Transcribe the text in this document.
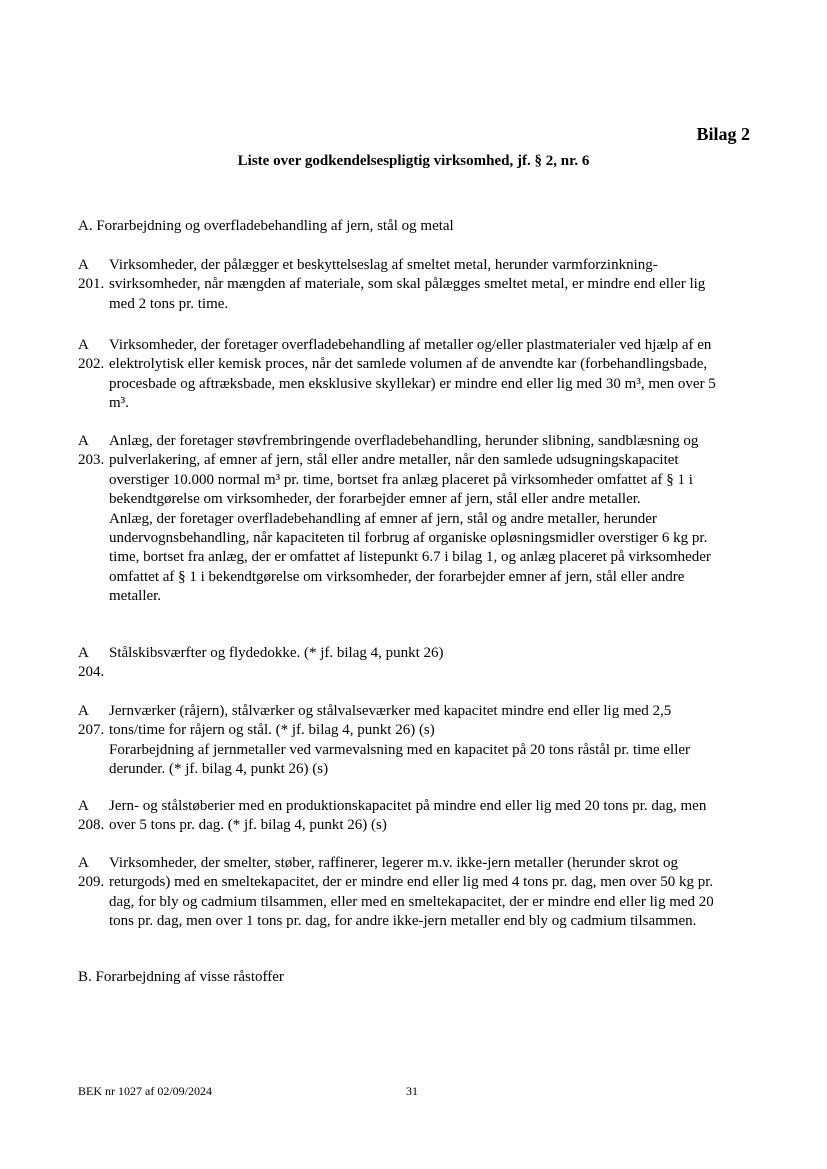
Bilag 2
Liste over godkendelsespligtig virksomhed, jf. § 2, nr. 6
A. Forarbejdning og overfladebehandling af jern, stål og metal
A 201.

Virksomheder, der pålægger et beskyttelseslag af smeltet metal, herunder varmforzinkningsvirksomheder, når mængden af materiale, som skal pålægges smeltet metal, er mindre end eller lig med 2 tons pr. time.

A 202.

Virksomheder, der foretager overfladebehandling af metaller og/eller plastmaterialer ved hjælp af en elektrolytisk eller kemisk proces, når det samlede volumen af de anvendte kar (forbehandlingsbade, procesbade og aftræksbade, men eksklusive skyllekar) er mindre end eller lig med 30 m³, men over 5 m³.

A 203.

Anlæg, der foretager støvfrembringende overfladebehandling, herunder slibning, sandblæsning og pulverlakering, af emner af jern, stål eller andre metaller, når den samlede udsugningskapacitet overstiger 10.000 normal m³ pr. time, bortset fra anlæg placeret på virksomheder omfattet af § 1 i bekendtgørelse om virksomheder, der forarbejder emner af jern, stål eller andre metaller.

Anlæg, der foretager overfladebehandling af emner af jern, stål og andre metaller, herunder undervognsbehandling, når kapaciteten til forbrug af organiske opløsningsmidler overstiger 6 kg pr. time, bortset fra anlæg, der er omfattet af listepunkt 6.7 i bilag 1, og anlæg placeret på virksomheder omfattet af § 1 i bekendtgørelse om virksomheder, der forarbejder emner af jern, stål eller andre metaller.

A 204.

Stålskibsværfter og flydedokke. (* jf. bilag 4, punkt 26)

A 207.

Jernværker (råjern), stålværker og stålvalseværker med kapacitet mindre end eller lig med 2,5 tons/time for råjern og stål. (* jf. bilag 4, punkt 26) (s)

Forarbejdning af jernmetaller ved varmevalsning med en kapacitet på 20 tons råstål pr. time eller derunder. (* jf. bilag 4, punkt 26) (s)

A 208.

Jern- og stålstøberier med en produktionskapacitet på mindre end eller lig med 20 tons pr. dag, men over 5 tons pr. dag. (* jf. bilag 4, punkt 26) (s)

A 209.

Virksomheder, der smelter, støber, raffinerer, legerer m.v. ikke-jern metaller (herunder skrot og returgods) med en smeltekapacitet, der er mindre end eller lig med 4 tons pr. dag, men over 50 kg pr. dag, for bly og cadmium tilsammen, eller med en smeltekapacitet, der er mindre end eller lig med 20 tons pr. dag, men over 1 tons pr. dag, for andre ikke-jern metaller end bly og cadmium tilsammen.

B. Forarbejdning af visse råstoffer
BEK nr 1027 af 02/09/2024	31
